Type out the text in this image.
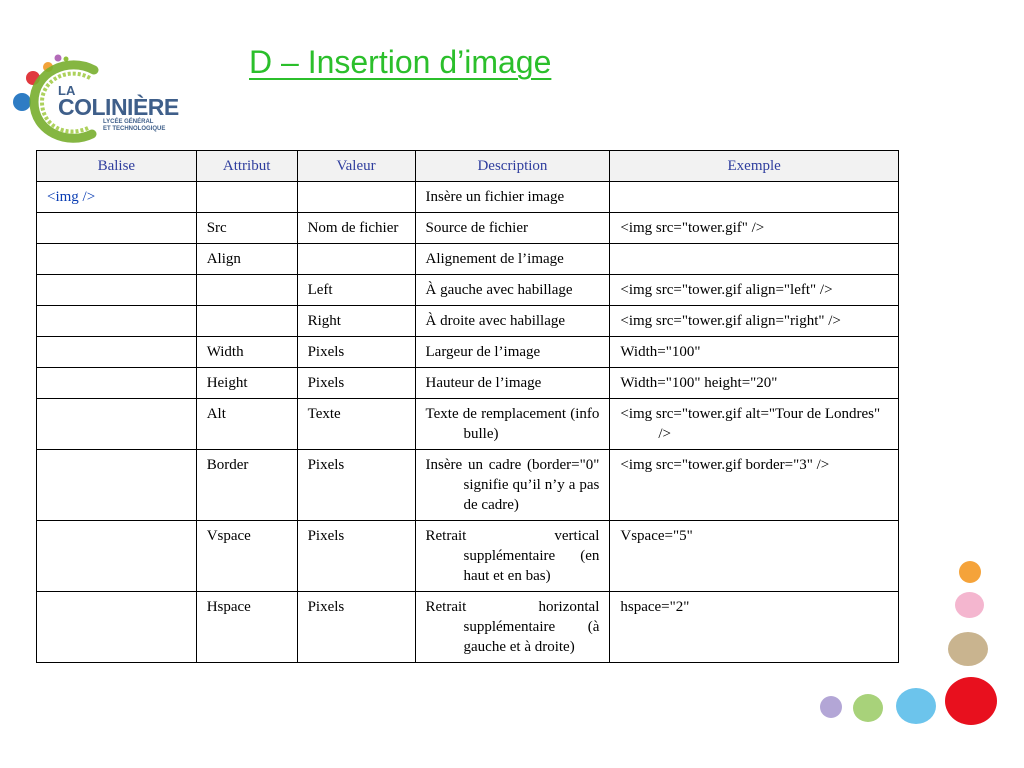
LA
COLINIÈRE
LYCÉE GÉNÉRAL
ET TECHNOLOGIQUE
D – Insertion d’image
Balise	Attribut	Valeur	Description	Exemple
<img />			Insère un fichier image	

	Src	Nom de fichier	Source de fichier	<img src="tower.gif" />

	Align		Alignement de l’image	

		Left	À gauche avec habillage	<img src="tower.gif align="left" />

		Right	À droite avec habillage	<img src="tower.gif align="right" />

	Width	Pixels	Largeur de l’image	Width="100"
	Height	Pixels	Hauteur de l’image	Width="100" height="20"
	Alt	Texte	Texte de remplacement (info bulle)	<img src="tower.gif alt="Tour de Londres" />

	Border	Pixels	Insère un cadre (border="0" signifie qu’il n’y a pas de cadre)	<img src="tower.gif border="3" />

	Vspace	Pixels	Retrait vertical supplémentaire (en haut et en bas)	Vspace="5"
	Hspace	Pixels	Retrait horizontal supplémentaire (à gauche et à droite)	hspace="2"
